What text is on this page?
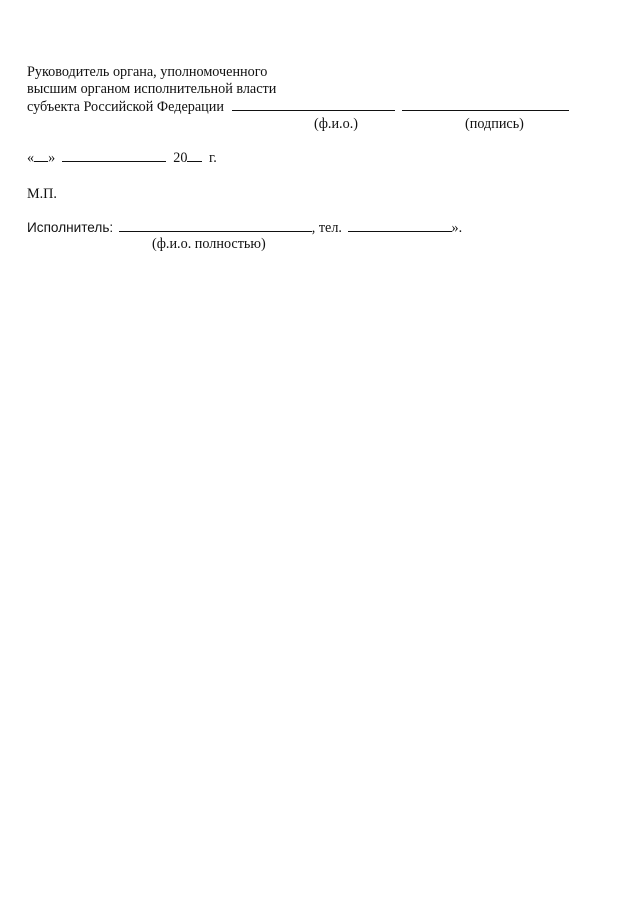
Руководитель органа, уполномоченного
высшим органом исполнительной власти
субъекта Российской Федерации
(ф.и.о.)	(подпись)
« »	20 г.
М.П.
Исполнитель:	, тел.	».
(ф.и.о. полностью)
